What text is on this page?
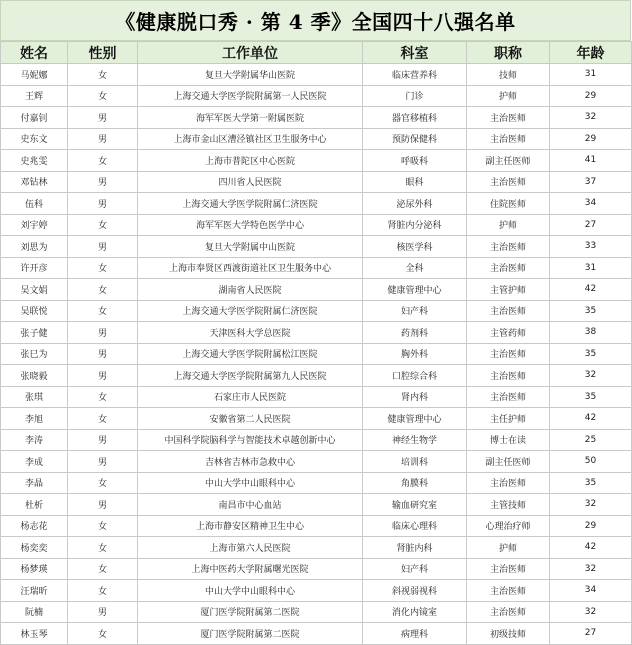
《健康脱口秀 · 第 4 季》全国四十八强名单
姓名	性别	工作单位	科室	职称	年龄
马妮娜	女	复旦大学附属华山医院	临床营养科	技师	31
王辉	女	上海交通大学医学院附属第一人民医院	门诊	护师	29
付嘉钊	男	海军军医大学第一附属医院	器官移植科	主治医师	32
史东文	男	上海市金山区漕泾镇社区卫生服务中心	预防保健科	主治医师	29
史兆雯	女	上海市普陀区中心医院	呼吸科	副主任医师	41
邓钻林	男	四川省人民医院	眼科	主治医师	37
伍科	男	上海交通大学医学院附属仁济医院	泌尿外科	住院医师	34
刘宇婷	女	海军军医大学特色医学中心	肾脏内分泌科	护师	27
刘思为	男	复旦大学附属中山医院	核医学科	主治医师	33
许开彦	女	上海市奉贤区西渡街道社区卫生服务中心	全科	主治医师	31
吴文娟	女	湖南省人民医院	健康管理中心	主管护师	42
吴联悦	女	上海交通大学医学院附属仁济医院	妇产科	主治医师	35
张子健	男	天津医科大学总医院	药剂科	主管药师	38
张巳为	男	上海交通大学医学院附属松江医院	胸外科	主治医师	35
张晓毅	男	上海交通大学医学院附属第九人民医院	口腔综合科	主治医师	32
张琪	女	石家庄市人民医院	肾内科	主治医师	35
李旭	女	安徽省第二人民医院	健康管理中心	主任护师	42
李涛	男	中国科学院脑科学与智能技术卓越创新中心	神经生物学	博士在读	25
李成	男	吉林省吉林市急救中心	培训科	副主任医师	50
李晶	女	中山大学中山眼科中心	角膜科	主治医师	35
杜析	男	南昌市中心血站	输血研究室	主管技师	32
杨志花	女	上海市静安区精神卫生中心	临床心理科	心理治疗师	29
杨奕奕	女	上海市第六人民医院	肾脏内科	护师	42
杨梦瑛	女	上海中医药大学附属曙光医院	妇产科	主治医师	32
汪瑞昕	女	中山大学中山眼科中心	斜视弱视科	主治医师	34
阮楠	男	厦门医学院附属第二医院	消化内镜室	主治医师	32
林玉琴	女	厦门医学院附属第二医院	病理科	初级技师	27
